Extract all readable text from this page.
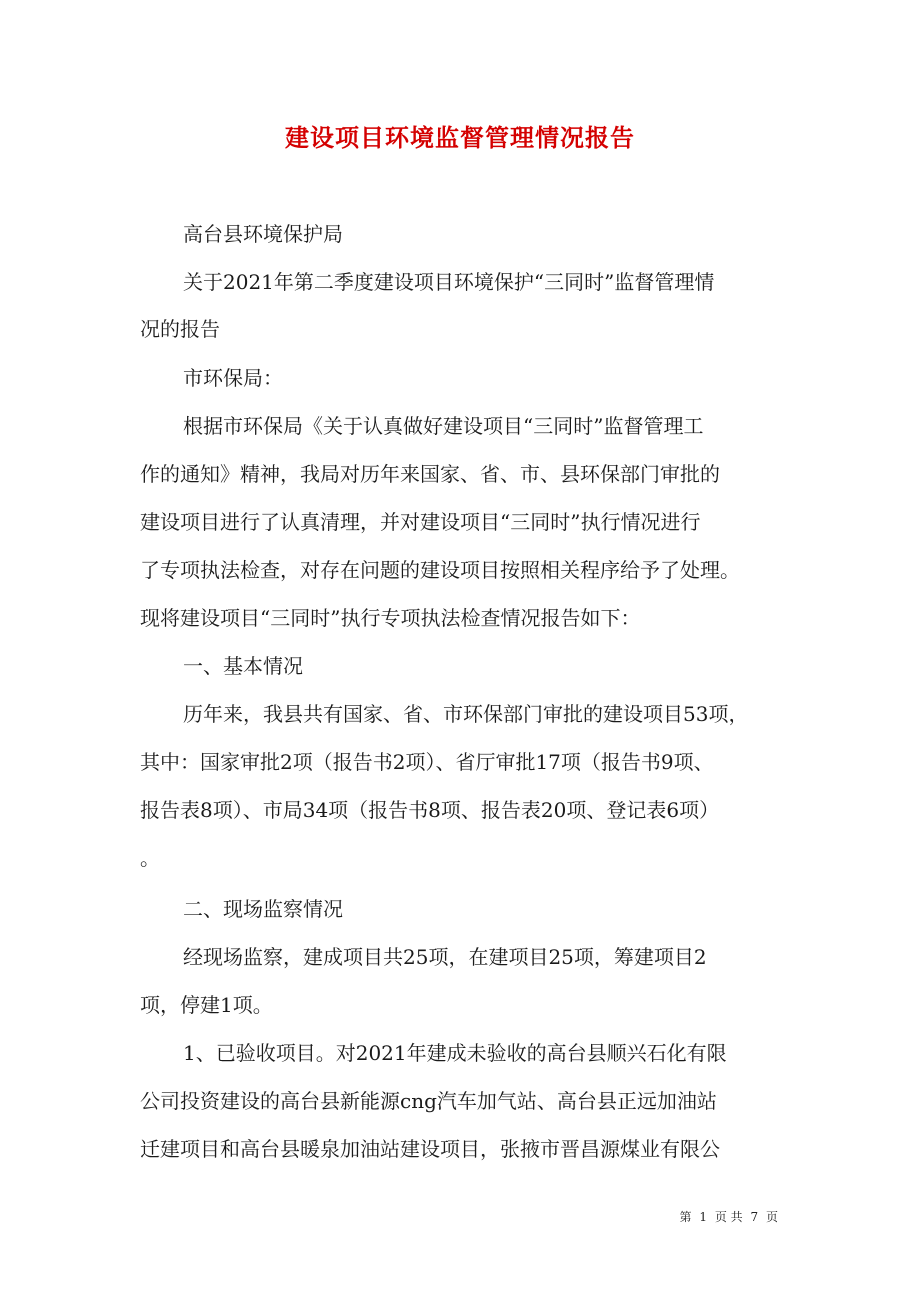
建设项目环境监督管理情况报告
高台县环境保护局
关于2021年第二季度建设项目环境保护“三同时”监督管理情
况的报告
市环保局：
根据市环保局《关于认真做好建设项目“三同时”监督管理工
作的通知》精神，我局对历年来国家、省、市、县环保部门审批的
建设项目进行了认真清理，并对建设项目“三同时”执行情况进行
了专项执法检查，对存在问题的建设项目按照相关程序给予了处理。
现将建设项目“三同时”执行专项执法检查情况报告如下：
一、基本情况
历年来，我县共有国家、省、市环保部门审批的建设项目53项，
其中：国家审批2项（报告书2项）、省厅审批17项（报告书9项、
报告表8项）、市局34项（报告书8项、报告表20项、登记表6项）
。
二、现场监察情况
经现场监察，建成项目共25项，在建项目25项，筹建项目2
项，停建1项。
1、已验收项目。对2021年建成未验收的高台县顺兴石化有限
公司投资建设的高台县新能源cng汽车加气站、高台县正远加油站
迁建项目和高台县暖泉加油站建设项目，张掖市晋昌源煤业有限公
第 1 页 共 7 页
